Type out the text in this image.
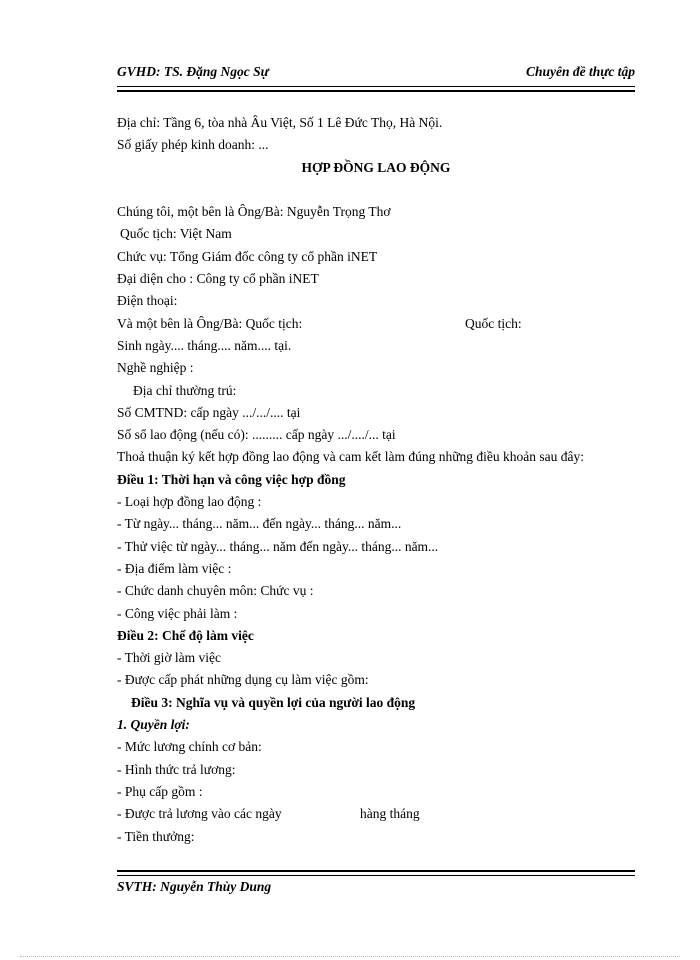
GVHD: TS. Đặng Ngọc Sự	Chuyên đề thực tập
Địa chỉ: Tầng 6, tòa nhà Âu Việt, Số 1 Lê Đức Thọ, Hà Nội.
Số giấy phép kinh doanh: ...
HỢP ĐỒNG LAO ĐỘNG
Chúng tôi, một bên là Ông/Bà: Nguyễn Trọng Thơ
Quốc tịch: Việt Nam
Chức vụ: Tổng Giám đốc công ty cổ phần iNET
Đại diện cho : Công ty cổ phần iNET
Điện thoại:
Và một bên là Ông/Bà: Quốc tịch:	Quốc tịch:
Sinh ngày.... tháng.... năm.... tại.
Nghề nghiệp :
Địa chỉ thường trú:
Số CMTND: cấp ngày .../.../.... tại
Số sổ lao động (nếu có): ......... cấp ngày .../..../... tại
Thoả thuận ký kết hợp đồng lao động và cam kết làm đúng những điều khoản sau đây:
Điều 1: Thời hạn và công việc hợp đồng
- Loại hợp đồng lao động :
- Từ ngày... tháng... năm... đến ngày... tháng... năm...
- Thử việc từ ngày... tháng... năm đến ngày... tháng... năm...
- Địa điểm làm việc :
- Chức danh chuyên môn: Chức vụ :
- Công việc phải làm :
Điều 2: Chế độ làm việc
- Thời giờ làm việc
- Được cấp phát những dụng cụ làm việc gồm:
Điều 3: Nghĩa vụ và quyền lợi của người lao động
1. Quyền lợi:
- Mức lương chính cơ bản:
- Hình thức trả lương:
- Phụ cấp gồm :
- Được trả lương vào các ngày	hàng tháng
- Tiền thưởng:
SVTH: Nguyễn Thùy Dung
